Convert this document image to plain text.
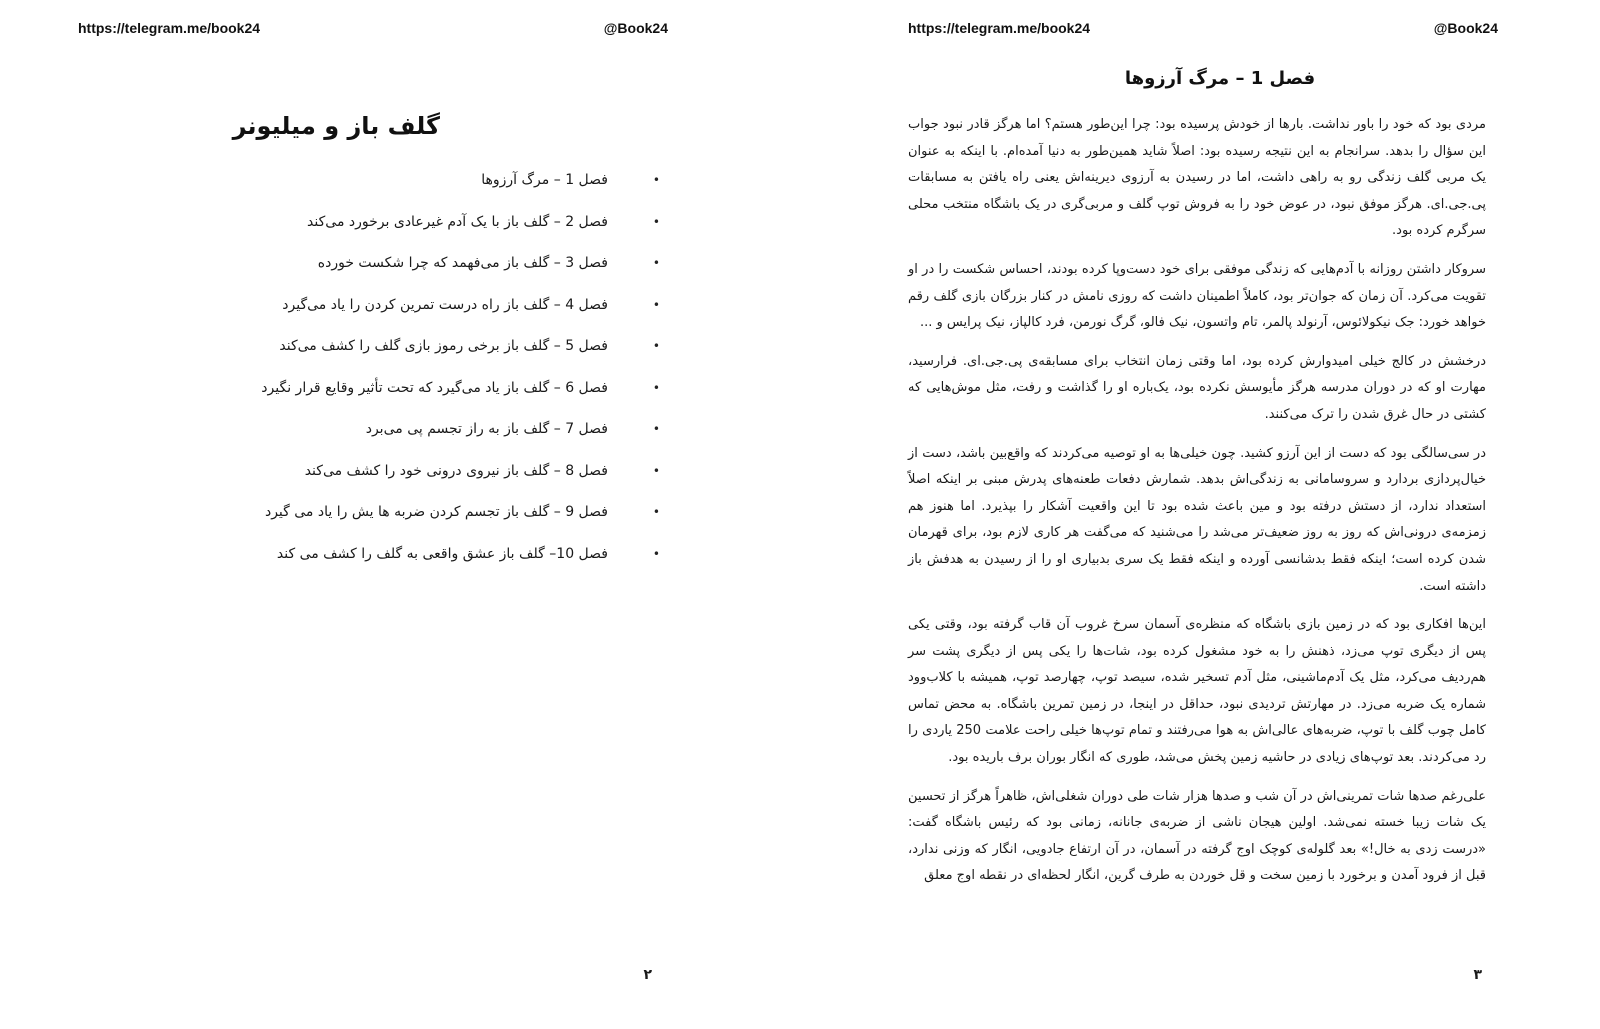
https://telegram.me/book24	@Book24
گلف باز و میلیونر
• فصل 1 – مرگ آرزوها
• فصل 2 – گلف باز با یک آدم غیرعادی برخورد می‌کند
• فصل 3 – گلف باز می‌فهمد که چرا شکست خورده
• فصل 4 – گلف باز راه درست تمرین کردن را یاد می‌گیرد
• فصل 5 – گلف باز برخی رموز بازی گلف را کشف می‌کند
• فصل 6 – گلف باز یاد می‌گیرد که تحت تأثیر وقایع قرار نگیرد
• فصل 7 – گلف باز به راز تجسم پی می‌برد
• فصل 8 – گلف باز نیروی درونی خود را کشف می‌کند
• فصل 9 – گلف باز تجسم کردن ضربه ها یش را یاد می گیرد
• فصل 10– گلف باز عشق واقعی به گلف را کشف می کند
۲
https://telegram.me/book24	@Book24
فصل 1 – مرگ آرزوها

مردی بود که خود را باور نداشت. بارها از خودش پرسیده بود: چرا این‌طور هستم؟ اما هرگز قادر نبود جواب این سؤال را بدهد. سرانجام به این نتیجه رسیده بود: اصلاً شاید همین‌طور به دنیا آمده‌ام. با اینکه به عنوان یک مربی گلف زندگی رو به راهی داشت، اما در رسیدن به آرزوی دیرینه‌اش یعنی راه یافتن به مسابقات پی.جی.ای. هرگز موفق نبود، در عوض خود را به فروش توپ گلف و مربی‌گری در یک باشگاه منتخب محلی سرگرم کرده بود.

سروکار داشتن روزانه با آدم‌هایی که زندگی موفقی برای خود دست‌وپا کرده بودند، احساس شکست را در او تقویت می‌کرد. آن زمان که جوان‌تر بود، کاملاً اطمینان داشت که روزی نامش در کنار بزرگان بازی گلف رقم خواهد خورد: جک نیکولائوس، آرنولد پالمر، تام واتسون، نیک فالو، گرگ نورمن، فرد کالپاز، نیک پرایس و ...

درخشش در کالج خیلی امیدوارش کرده بود، اما وقتی زمان انتخاب برای مسابقه‌ی پی.جی.ای. فرارسید، مهارت او که در دوران مدرسه هرگز مأیوسش نکرده بود، یک‌باره او را گذاشت و رفت، مثل موش‌هایی که کشتی در حال غرق شدن را ترک می‌کنند.

در سی‌سالگی بود که دست از این آرزو کشید. چون خیلی‌ها به او توصیه می‌کردند که واقع‌بین باشد، دست از خیال‌پردازی بردارد و سروسامانی به زندگی‌اش بدهد. شمارش دفعات طعنه‌های پدرش مبنی بر اینکه اصلاً استعداد ندارد، از دستش درفته بود و مین باعث شده بود تا این واقعیت آشکار را بپذیرد. اما هنوز هم زمزمه‌ی درونی‌اش که روز به روز ضعیف‌تر می‌شد را می‌شنید که می‌گفت هر کاری لازم بود، برای قهرمان شدن کرده است؛ اینکه فقط بدشانسی آورده و اینکه فقط یک سری بدبیاری او را از رسیدن به هدفش باز داشته است.

این‌ها افکاری بود که در زمین بازی باشگاه که منظره‌ی آسمان سرخ غروب آن قاب گرفته بود، وقتی یکی پس از دیگری توپ می‌زد، ذهنش را به خود مشغول کرده بود، شات‌ها را یکی پس از دیگری پشت سر هم‌ردیف می‌کرد، مثل یک آدم‌ماشینی، مثل آدم تسخیر شده، سیصد توپ، چهارصد توپ، همیشه با کلاب‌وود شماره یک ضربه می‌زد. در مهارتش تردیدی نبود، حداقل در اینجا، در زمین تمرین باشگاه. به محض تماس کامل چوب گلف با توپ، ضربه‌های عالی‌اش به هوا می‌رفتند و تمام توپ‌ها خیلی راحت علامت 250 یاردی را رد می‌کردند. بعد توپ‌های زیادی در حاشیه زمین پخش می‌شد، طوری که انگار بوران برف باریده بود.

علی‌رغم صدها شات تمرینی‌اش در آن شب و صدها هزار شات طی دوران شغلی‌اش، ظاهراً هرگز از تحسین یک شات زیبا خسته نمی‌شد. اولین هیجان ناشی از ضربه‌ی جانانه، زمانی بود که رئیس باشگاه گفت: «درست زدی به خال!» بعد گلوله‌ی کوچک اوج گرفته در آسمان، در آن ارتفاع جادویی، انگار که وزنی ندارد، قبل از فرود آمدن و برخورد با زمین سخت و قل خوردن به طرف گرین، انگار لحظه‌ای در نقطه اوج معلق

۳
